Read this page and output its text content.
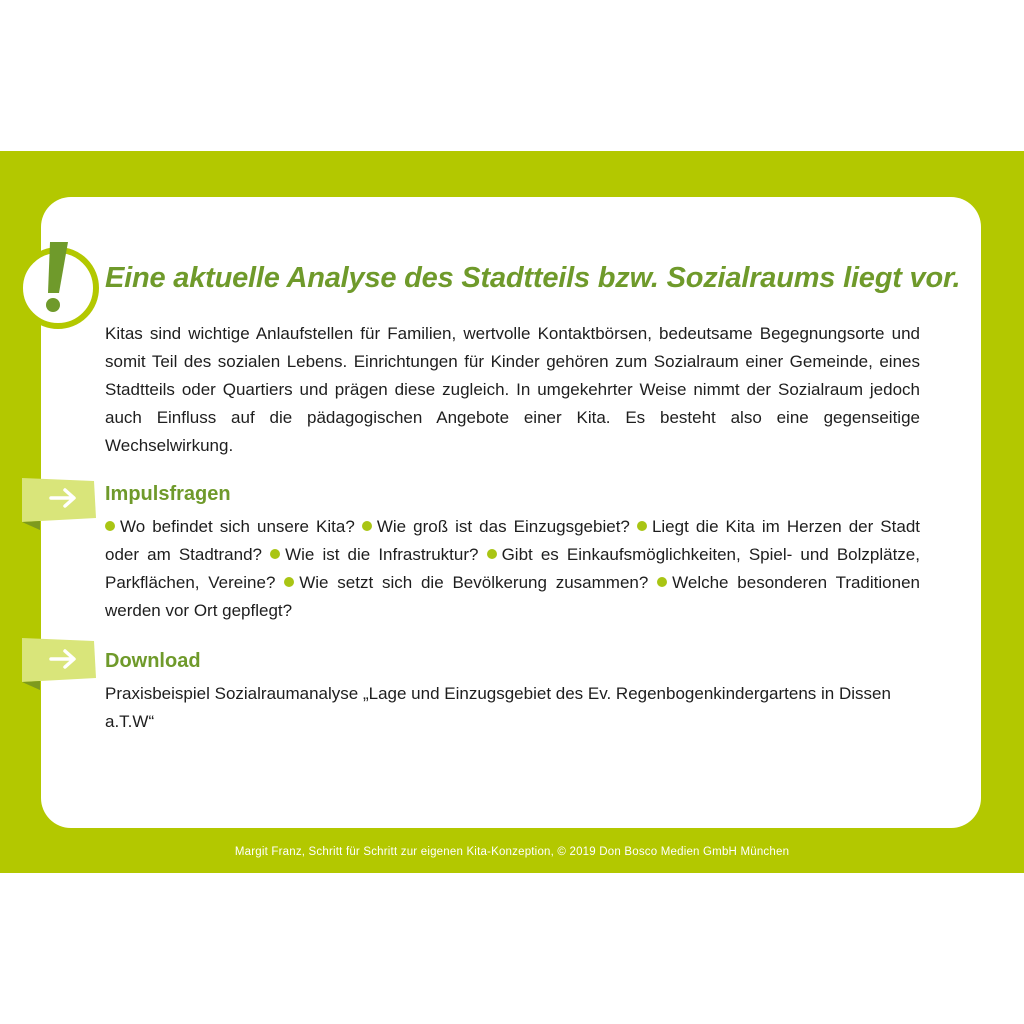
Eine aktuelle Analyse des Stadtteils bzw. Sozialraums liegt vor.

Kitas sind wichtige Anlaufstellen für Familien, wertvolle Kontaktbörsen, bedeutsame Begegnungsorte und somit Teil des sozialen Lebens. Einrichtungen für Kinder gehören zum Sozialraum einer Gemeinde, eines Stadtteils oder Quartiers und prägen diese zugleich. In umgekehrter Weise nimmt der Sozialraum jedoch auch Einfluss auf die pädagogischen Angebote einer Kita. Es besteht also eine gegenseitige Wechselwirkung.

Impulsfragen

Wo befindet sich unsere Kita? Wie groß ist das Einzugsgebiet? Liegt die Kita im Herzen der Stadt oder am Stadtrand? Wie ist die Infrastruktur? Gibt es Einkaufsmöglichkeiten, Spiel- und Bolzplätze, Parkflächen, Vereine? Wie setzt sich die Bevölkerung zusammen? Welche besonderen Traditionen werden vor Ort gepflegt?

Download

Praxisbeispiel Sozialraumanalyse „Lage und Einzugsgebiet des Ev. Regenbogenkindergartens in Dissen a.T.W“

Margit Franz, Schritt für Schritt zur eigenen Kita-Konzeption, © 2019 Don Bosco Medien GmbH München
